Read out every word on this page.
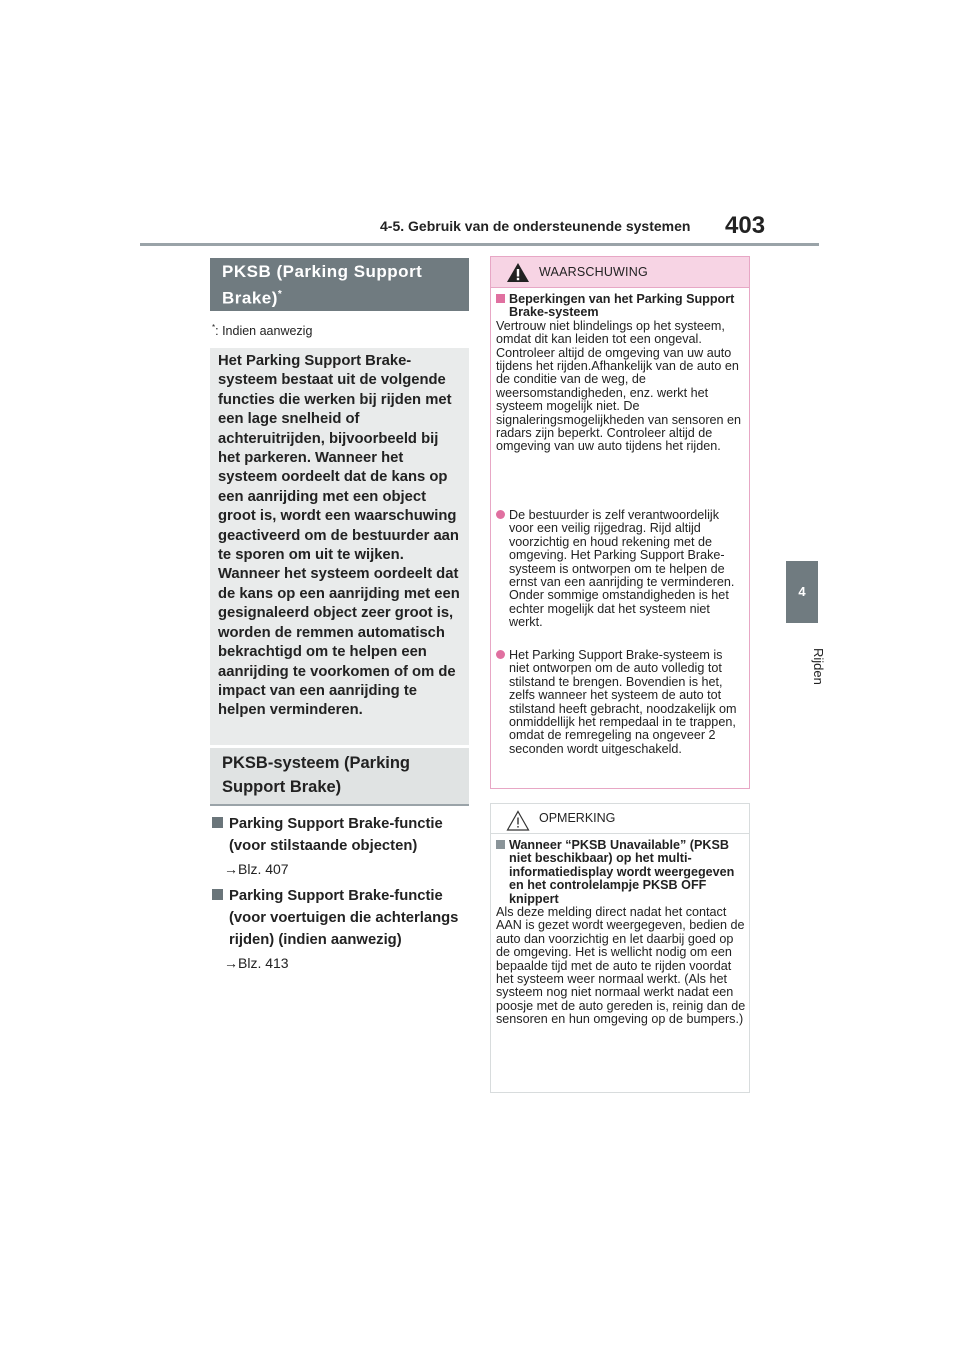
4-5. Gebruik van de ondersteunende systemen 403
4
Rijden
PKSB (Parking Support Brake)*
*: Indien aanwezig
Het Parking Support Brake-systeem bestaat uit de volgende functies die werken bij rijden met een lage snelheid of achteruitrijden, bijvoorbeeld bij het parkeren. Wanneer het systeem oordeelt dat de kans op een aanrijding met een object groot is, wordt een waarschuwing geactiveerd om de bestuurder aan te sporen om uit te wijken. Wanneer het systeem oordeelt dat de kans op een aanrijding met een gesignaleerd object zeer groot is, worden de remmen automatisch bekrachtigd om te helpen een aanrijding te voorkomen of om de impact van een aanrijding te helpen verminderen.
PKSB-systeem (Parking Support Brake)
Parking Support Brake-functie (voor stilstaande objecten)
→Blz. 407
Parking Support Brake-functie (voor voertuigen die achterlangs rijden) (indien aanwezig)
→Blz. 413
WAARSCHUWING
Beperkingen van het Parking Support Brake-systeem
Vertrouw niet blindelings op het systeem, omdat dit kan leiden tot een ongeval. Controleer altijd de omgeving van uw auto tijdens het rijden.Afhankelijk van de auto en de conditie van de weg, de weersomstandigheden, enz. werkt het systeem mogelijk niet. De signaleringsmogelijkheden van sensoren en radars zijn beperkt. Controleer altijd de omgeving van uw auto tijdens het rijden.
De bestuurder is zelf verantwoordelijk voor een veilig rijgedrag. Rijd altijd voorzichtig en houd rekening met de omgeving. Het Parking Support Brake-systeem is ontworpen om te helpen de ernst van een aanrijding te verminderen. Onder sommige omstandigheden is het echter mogelijk dat het systeem niet werkt.
Het Parking Support Brake-systeem is niet ontworpen om de auto volledig tot stilstand te brengen. Bovendien is het, zelfs wanneer het systeem de auto tot stilstand heeft gebracht, noodzakelijk om onmiddellijk het rempedaal in te trappen, omdat de remregeling na ongeveer 2 seconden wordt uitgeschakeld.
OPMERKING
Wanneer “PKSB Unavailable” (PKSB niet beschikbaar) op het multi-informatiedisplay wordt weergegeven en het controlelampje PKSB OFF knippert
Als deze melding direct nadat het contact AAN is gezet wordt weergegeven, bedien de auto dan voorzichtig en let daarbij goed op de omgeving. Het is wellicht nodig om een bepaalde tijd met de auto te rijden voordat het systeem weer normaal werkt. (Als het systeem nog niet normaal werkt nadat een poosje met de auto gereden is, reinig dan de sensoren en hun omgeving op de bumpers.)
